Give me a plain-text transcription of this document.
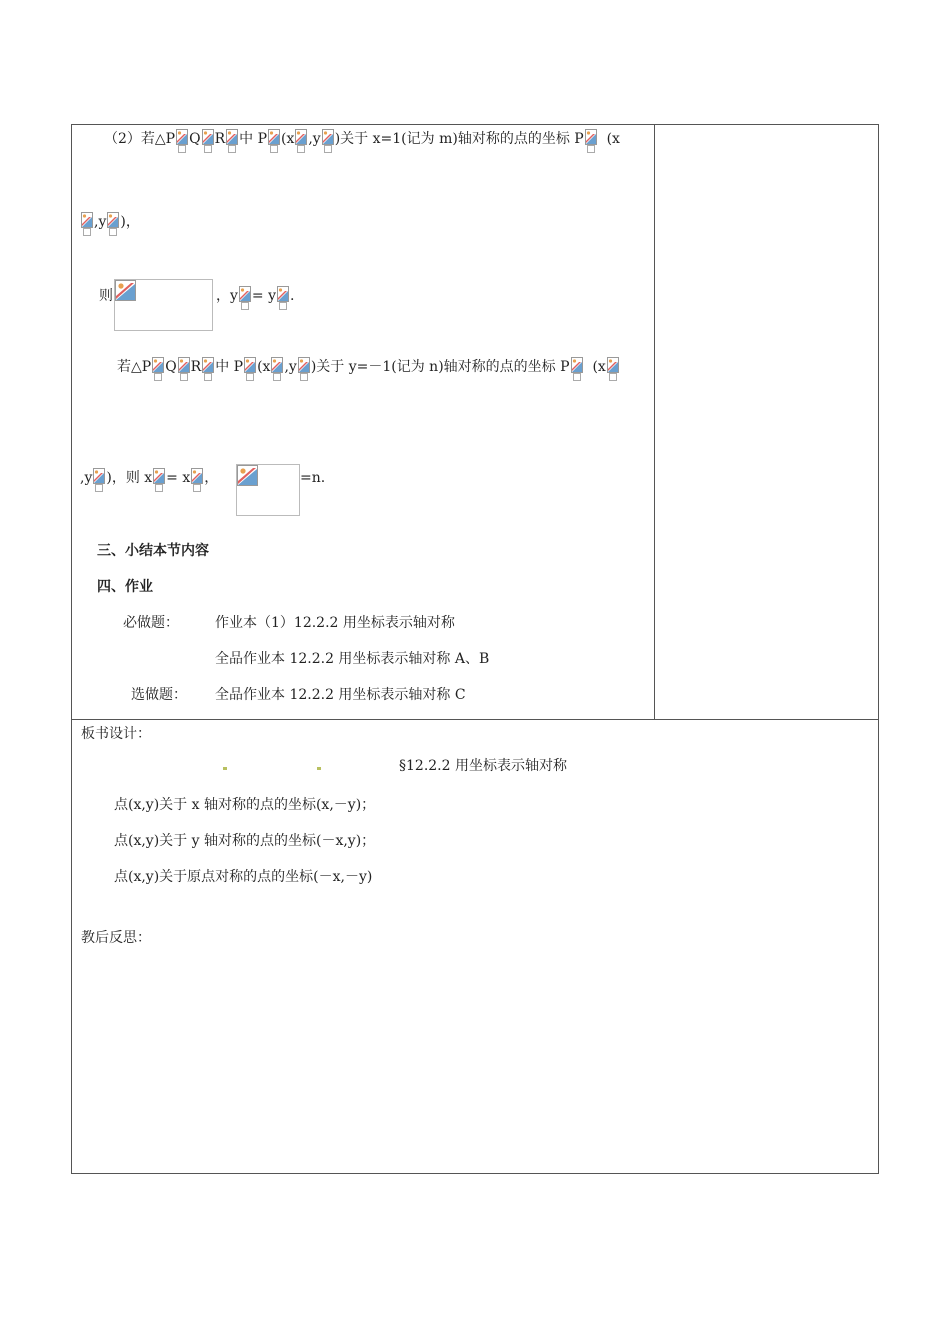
（2）若△P Q R 中 P (x ,y )关于 x=1(记为 m)轴对称的点的坐标 P (x
,y )，
则	，y = y .
若△P Q R 中 P (x ,y )关于 y=－1(记为 n)轴对称的点的坐标 P (x
,y )，则 x = x ，	=n.
三、小结本节内容
四、作业
必做题：	作业本（1）12.2.2 用坐标表示轴对称
全品作业本 12.2.2 用坐标表示轴对称 A、B
选做题： 全品作业本 12.2.2 用坐标表示轴对称 C
板书设计：
§12.2.2 用坐标表示轴对称
点(x,y)关于 x 轴对称的点的坐标(x,－y)；
点(x,y)关于 y 轴对称的点的坐标(－x,y)；
点(x,y)关于原点对称的点的坐标(－x,－y)
教后反思：
